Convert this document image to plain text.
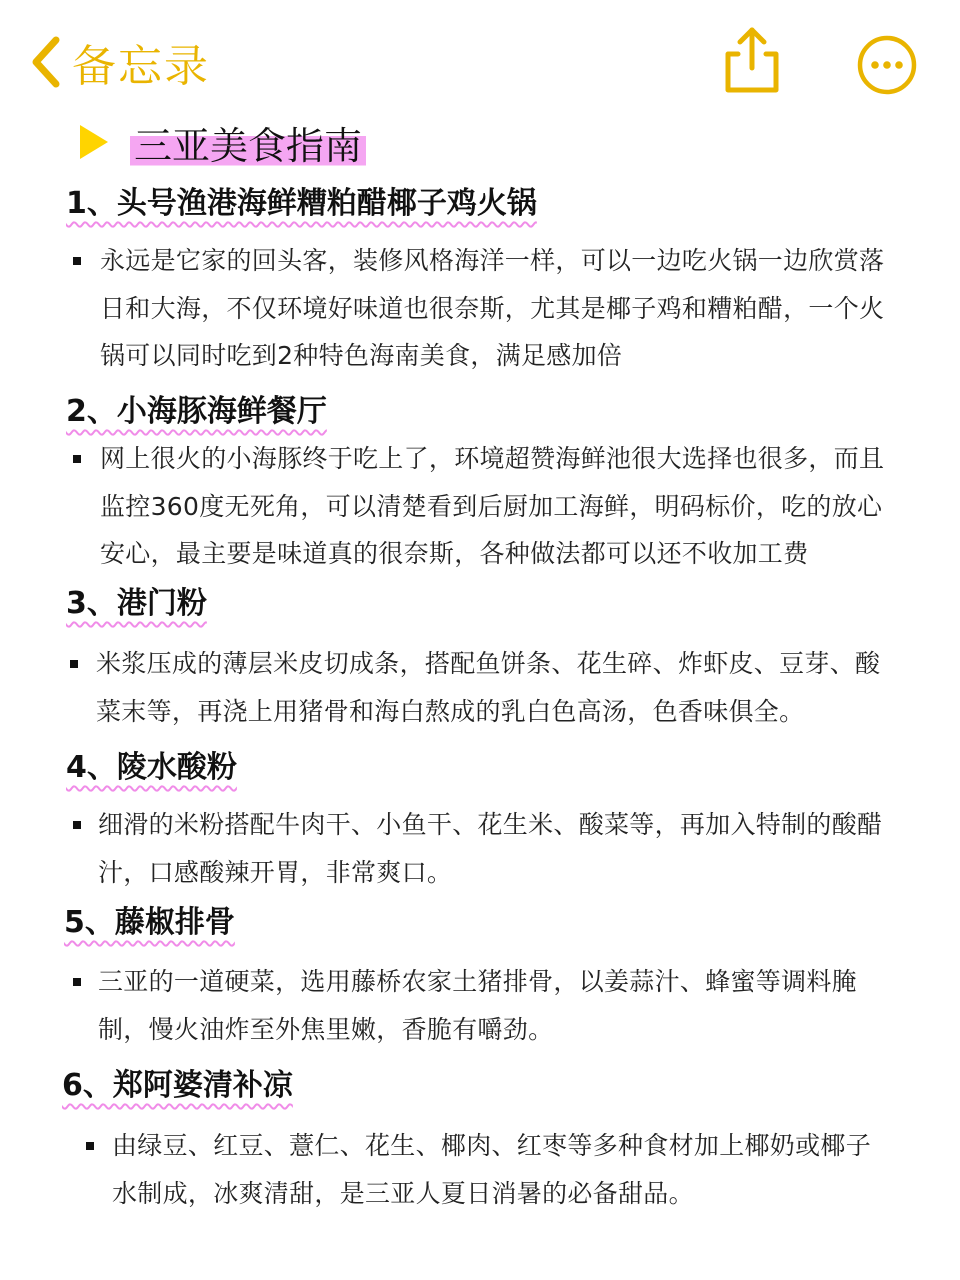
备忘录
三亚美食指南
1、头号渔港海鲜糟粕醋椰子鸡火锅
永远是它家的回头客，装修风格海洋一样，可以一边吃火锅一边欣赏落日和大海，不仅环境好味道也很奈斯，尤其是椰子鸡和糟粕醋，一个火锅可以同时吃到2种特色海南美食，满足感加倍
2、小海豚海鲜餐厅
网上很火的小海豚终于吃上了，环境超赞海鲜池很大选择也很多，而且监控360度无死角，可以清楚看到后厨加工海鲜，明码标价，吃的放心安心，最主要是味道真的很奈斯，各种做法都可以还不收加工费
3、港门粉
米浆压成的薄层米皮切成条，搭配鱼饼条、花生碎、炸虾皮、豆芽、酸菜末等，再浇上用猪骨和海白熬成的乳白色高汤，色香味俱全。
4、陵水酸粉
细滑的米粉搭配牛肉干、小鱼干、花生米、酸菜等，再加入特制的酸醋汁，口感酸辣开胃，非常爽口。
5、藤椒排骨
三亚的一道硬菜，选用藤桥农家土猪排骨，以姜蒜汁、蜂蜜等调料腌制，慢火油炸至外焦里嫩，香脆有嚼劲。
6、郑阿婆清补凉
由绿豆、红豆、薏仁、花生、椰肉、红枣等多种食材加上椰奶或椰子水制成，冰爽清甜，是三亚人夏日消暑的必备甜品。
